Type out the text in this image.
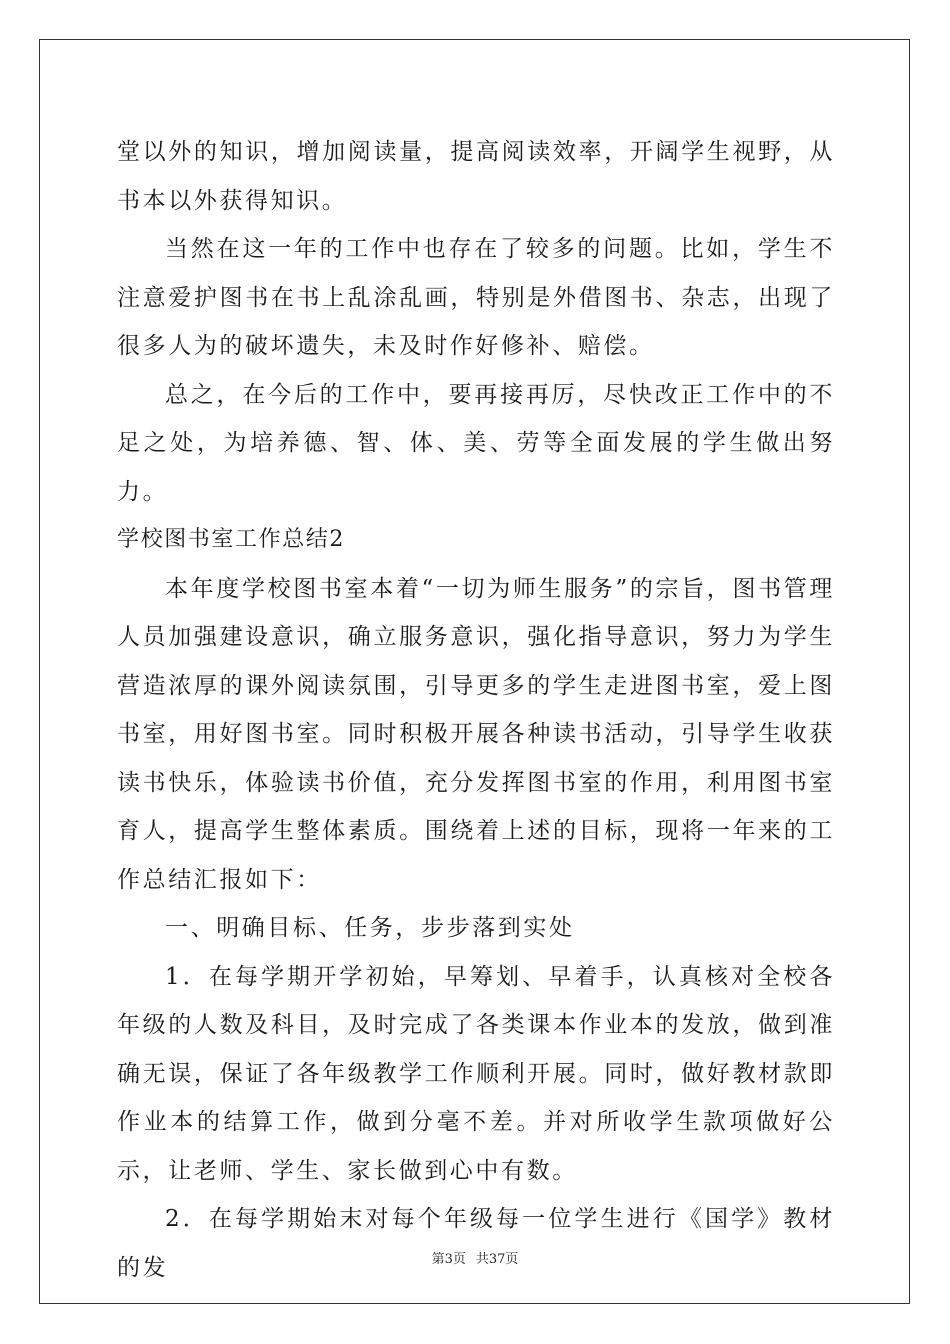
堂以外的知识，增加阅读量，提高阅读效率，开阔学生视野，从书本以外获得知识。

当然在这一年的工作中也存在了较多的问题。比如，学生不注意爱护图书在书上乱涂乱画，特别是外借图书、杂志，出现了很多人为的破坏遗失，未及时作好修补、赔偿。

总之，在今后的工作中，要再接再厉，尽快改正工作中的不足之处，为培养德、智、体、美、劳等全面发展的学生做出努力。

学校图书室工作总结2

本年度学校图书室本着“一切为师生服务”的宗旨，图书管理人员加强建设意识，确立服务意识，强化指导意识，努力为学生营造浓厚的课外阅读氛围，引导更多的学生走进图书室，爱上图书室，用好图书室。同时积极开展各种读书活动，引导学生收获读书快乐，体验读书价值，充分发挥图书室的作用，利用图书室育人，提高学生整体素质。围绕着上述的目标，现将一年来的工作总结汇报如下：

一、明确目标、任务，步步落到实处

1．在每学期开学初始，早筹划、早着手，认真核对全校各年级的人数及科目，及时完成了各类课本作业本的发放，做到准确无误，保证了各年级教学工作顺利开展。同时，做好教材款即作业本的结算工作，做到分毫不差。并对所收学生款项做好公示，让老师、学生、家长做到心中有数。

2．在每学期始末对每个年级每一位学生进行《国学》教材的发	第3页 共37页
